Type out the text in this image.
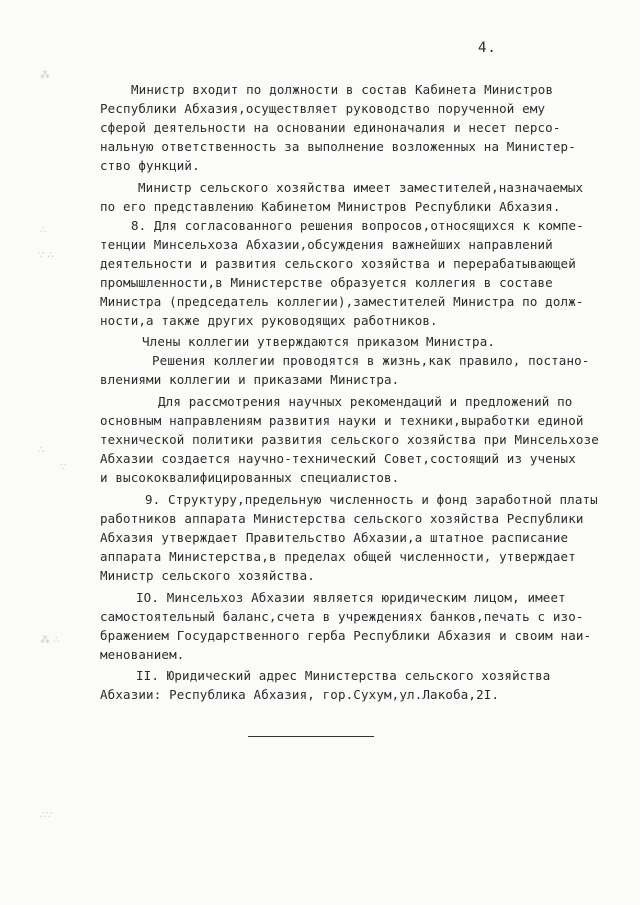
4.
Министр входит по должности в состав Кабинета Министров
Республики Абхазия,осуществляет руководство порученной ему
сферой деятельности на основании единоначалия и несет персо-
нальную ответственность за выполнение возложенных на Министер-
ство функций.
Министр сельского хозяйства имеет заместителей,назначаемых
по его представлению Кабинетом Министров Республики Абхазия.
8. Для согласованного решения вопросов,относящихся к компе-
тенции Минсельхоза Абхазии,обсуждения важнейших направлений
деятельности и развития сельского хозяйства и перерабатывающей
промышленности,в Министерстве образуется коллегия в составе
Министра (председатель коллегии),заместителей Министра по долж-
ности,а также других руководящих работников.
Члены коллегии утверждаются приказом Министра.
Решения коллегии проводятся в жизнь,как правило, постано-
влениями коллегии и приказами Министра.
Для рассмотрения научных рекомендаций и предложений по
основным направлениям развития науки и техники,выработки единой
технической политики развития сельского хозяйства при Минсельхозе
Абхазии создается научно-технический Совет,состоящий из ученых
и высококвалифицированных специалистов.
9. Структуру,предельную численность и фонд заработной платы
работников аппарата Министерства сельского хозяйства Республики
Абхазия утверждает Правительство Абхазии,а штатное расписание
аппарата Министерства,в пределах общей численности, утверждает
Министр сельского хозяйства.
IO. Минсельхоз Абхазии является юридическим лицом, имеет
самостоятельный баланс,счета в учреждениях банков,печать с изо-
бражением Государственного герба Республики Абхазия и своим наи-
менованием.
II. Юридический адрес Министерства сельского хозяйства
Абхазии: Республика Абхазия, гор.Сухум,ул.Лакоба,2I.
⁂
∴
∵ ∴
∴
∵
⁂ ∴
∴∵
